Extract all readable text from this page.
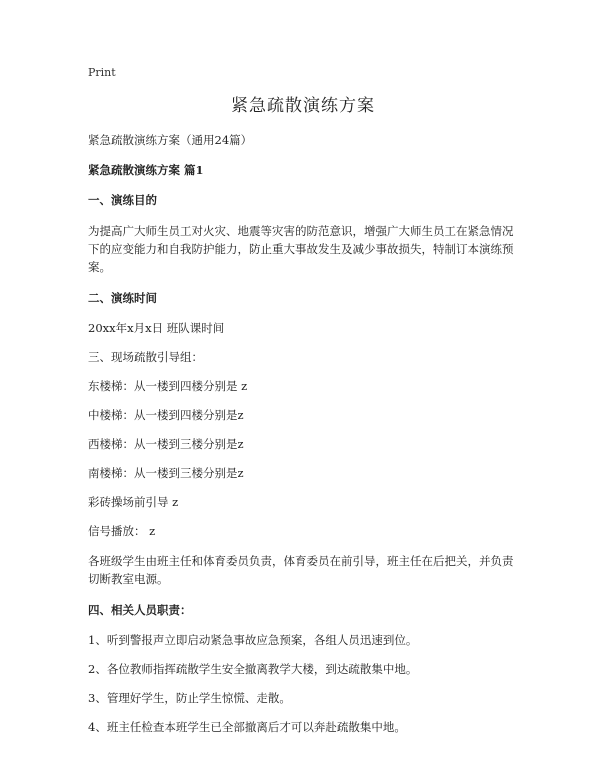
Print
紧急疏散演练方案
紧急疏散演练方案（通用24篇）
紧急疏散演练方案 篇1
一、演练目的

为提高广大师生员工对火灾、地震等灾害的防范意识，增强广大师生员工在紧急情况下的应变能力和自我防护能力，防止重大事故发生及减少事故损失，特制订本演练预案。

二、演练时间
20xx年x月x日 班队课时间
三、现场疏散引导组：
东楼梯：从一楼到四楼分别是 z
中楼梯：从一楼到四楼分别是z
西楼梯：从一楼到三楼分别是z
南楼梯：从一楼到三楼分别是z
彩砖操场前引导 z
信号播放： z

各班级学生由班主任和体育委员负责，体育委员在前引导，班主任在后把关，并负责切断教室电源。

四、相关人员职责：
1、听到警报声立即启动紧急事故应急预案，各组人员迅速到位。
2、各位教师指挥疏散学生安全撤离教学大楼，到达疏散集中地。
3、管理好学生，防止学生惊慌、走散。
4、班主任检查本班学生已全部撤离后才可以奔赴疏散集中地。
